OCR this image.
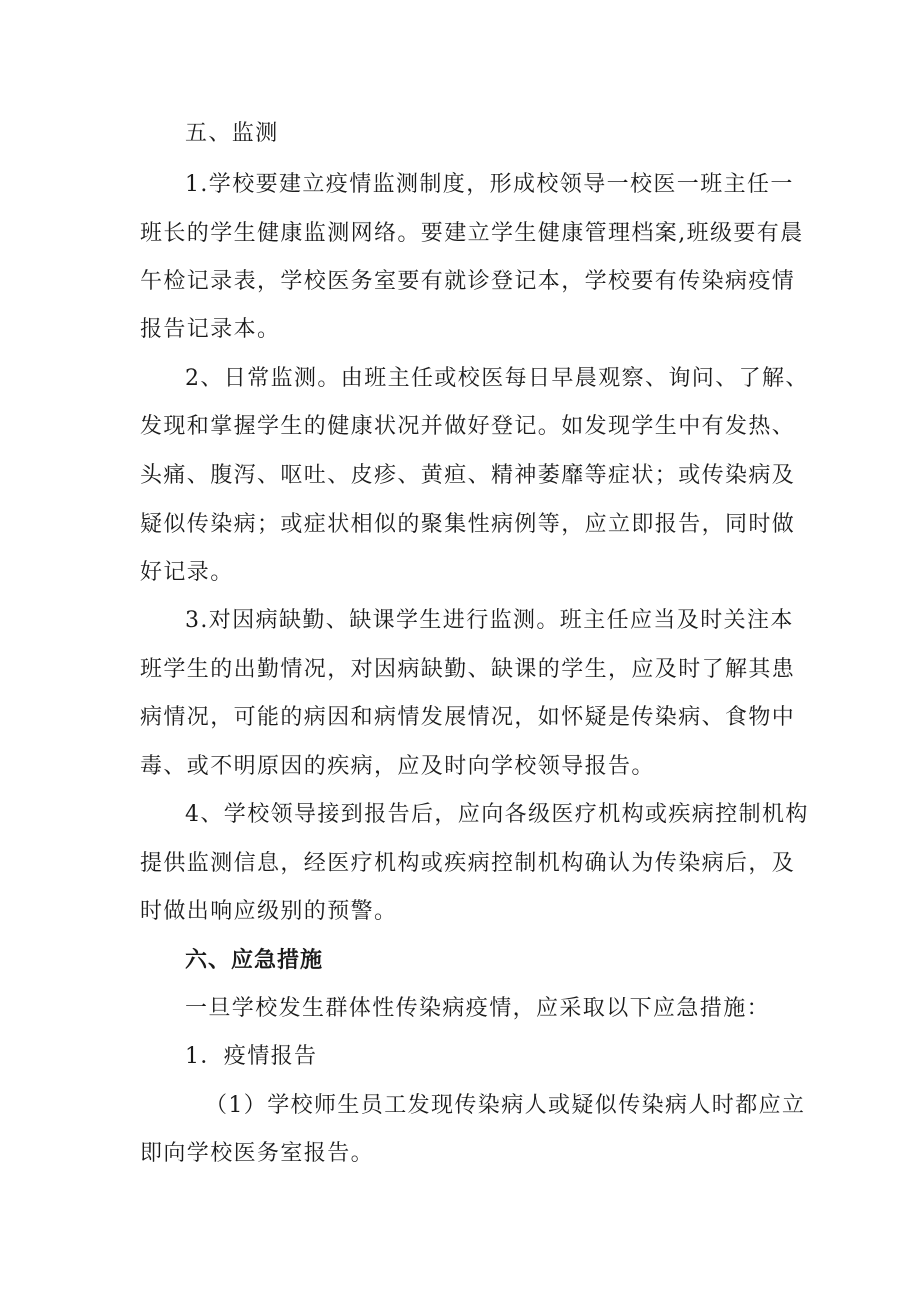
五、监测
1.学校要建立疫情监测制度，形成校领导一校医一班主任一
班长的学生健康监测网络。要建立学生健康管理档案,班级要有晨
午检记录表，学校医务室要有就诊登记本，学校要有传染病疫情
报告记录本。
2、日常监测。由班主任或校医每日早晨观察、询问、了解、
发现和掌握学生的健康状况并做好登记。如发现学生中有发热、
头痛、腹泻、呕吐、皮疹、黄疸、精神萎靡等症状；或传染病及
疑似传染病；或症状相似的聚集性病例等，应立即报告，同时做
好记录。
3.对因病缺勤、缺课学生进行监测。班主任应当及时关注本
班学生的出勤情况，对因病缺勤、缺课的学生，应及时了解其患
病情况，可能的病因和病情发展情况，如怀疑是传染病、食物中
毒、或不明原因的疾病，应及时向学校领导报告。
4、学校领导接到报告后，应向各级医疗机构或疾病控制机构
提供监测信息，经医疗机构或疾病控制机构确认为传染病后，及
时做出响应级别的预警。
六、应急措施
一旦学校发生群体性传染病疫情，应采取以下应急措施：
1．疫情报告
（1）学校师生员工发现传染病人或疑似传染病人时都应立
即向学校医务室报告。
